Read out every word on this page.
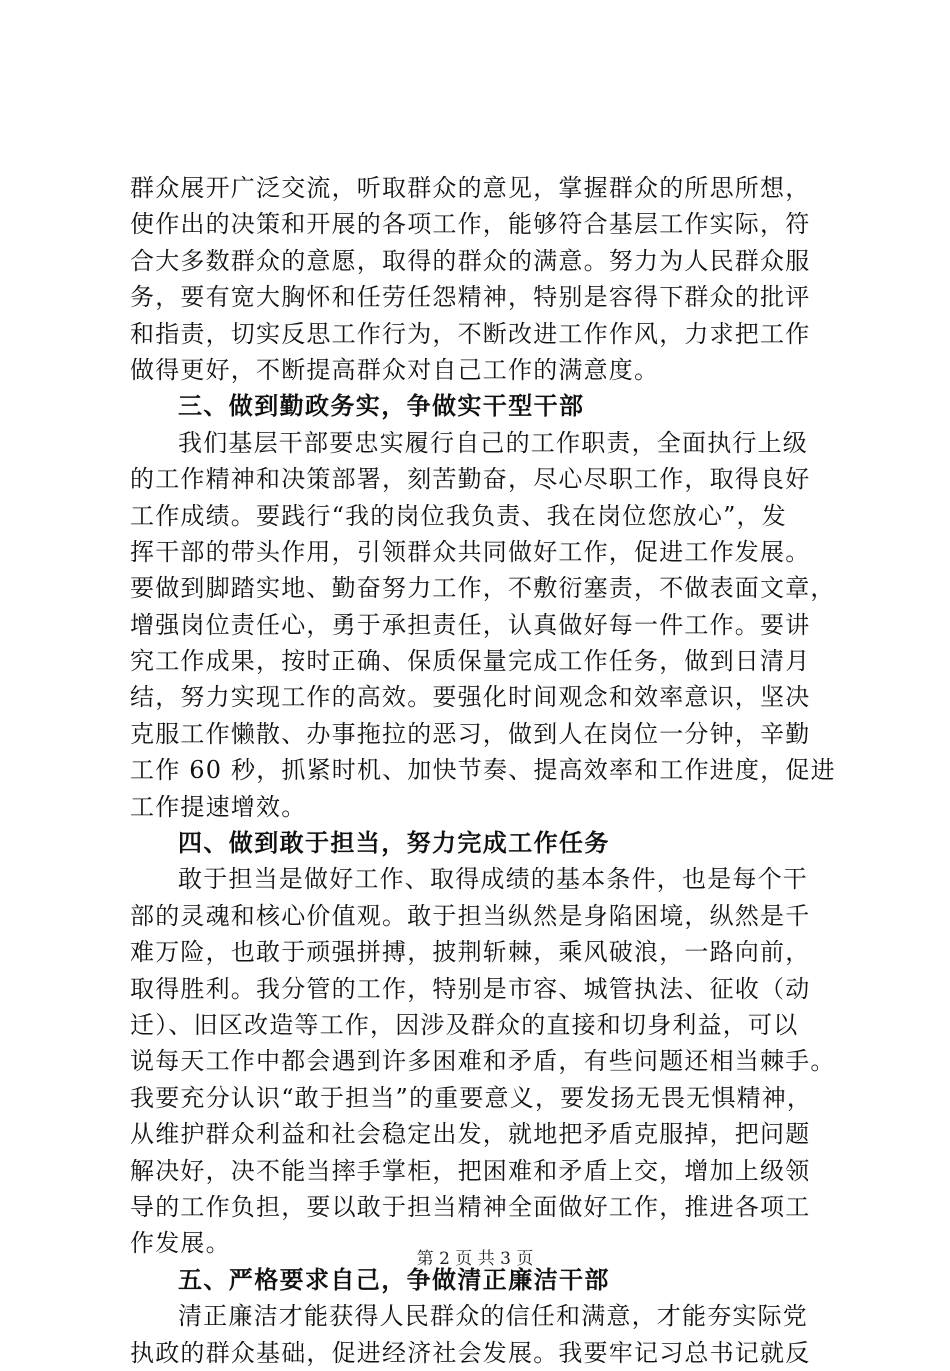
群众展开广泛交流，听取群众的意见，掌握群众的所思所想，
使作出的决策和开展的各项工作，能够符合基层工作实际，符
合大多数群众的意愿，取得的群众的满意。努力为人民群众服
务，要有宽大胸怀和任劳任怨精神，特别是容得下群众的批评
和指责，切实反思工作行为，不断改进工作作风，力求把工作
做得更好，不断提高群众对自己工作的满意度。
三、做到勤政务实，争做实干型干部
我们基层干部要忠实履行自己的工作职责，全面执行上级
的工作精神和决策部署，刻苦勤奋，尽心尽职工作，取得良好
工作成绩。要践行“我的岗位我负责、我在岗位您放心”，发
挥干部的带头作用，引领群众共同做好工作，促进工作发展。
要做到脚踏实地、勤奋努力工作，不敷衍塞责，不做表面文章，
增强岗位责任心，勇于承担责任，认真做好每一件工作。要讲
究工作成果，按时正确、保质保量完成工作任务，做到日清月
结，努力实现工作的高效。要强化时间观念和效率意识，坚决
克服工作懒散、办事拖拉的恶习，做到人在岗位一分钟，辛勤
工作 60 秒，抓紧时机、加快节奏、提高效率和工作进度，促进
工作提速增效。
四、做到敢于担当，努力完成工作任务
敢于担当是做好工作、取得成绩的基本条件，也是每个干
部的灵魂和核心价值观。敢于担当纵然是身陷困境，纵然是千
难万险，也敢于顽强拼搏，披荆斩棘，乘风破浪，一路向前，
取得胜利。我分管的工作，特别是市容、城管执法、征收（动
迁）、旧区改造等工作，因涉及群众的直接和切身利益，可以
说每天工作中都会遇到许多困难和矛盾，有些问题还相当棘手。
我要充分认识“敢于担当”的重要意义，要发扬无畏无惧精神，
从维护群众利益和社会稳定出发，就地把矛盾克服掉，把问题
解决好，决不能当摔手掌柜，把困难和矛盾上交，增加上级领
导的工作负担，要以敢于担当精神全面做好工作，推进各项工
作发展。
五、严格要求自己，争做清正廉洁干部
清正廉洁才能获得人民群众的信任和满意，才能夯实际党
执政的群众基础，促进经济社会发展。我要牢记习总书记就反
第 2 页 共 3 页
